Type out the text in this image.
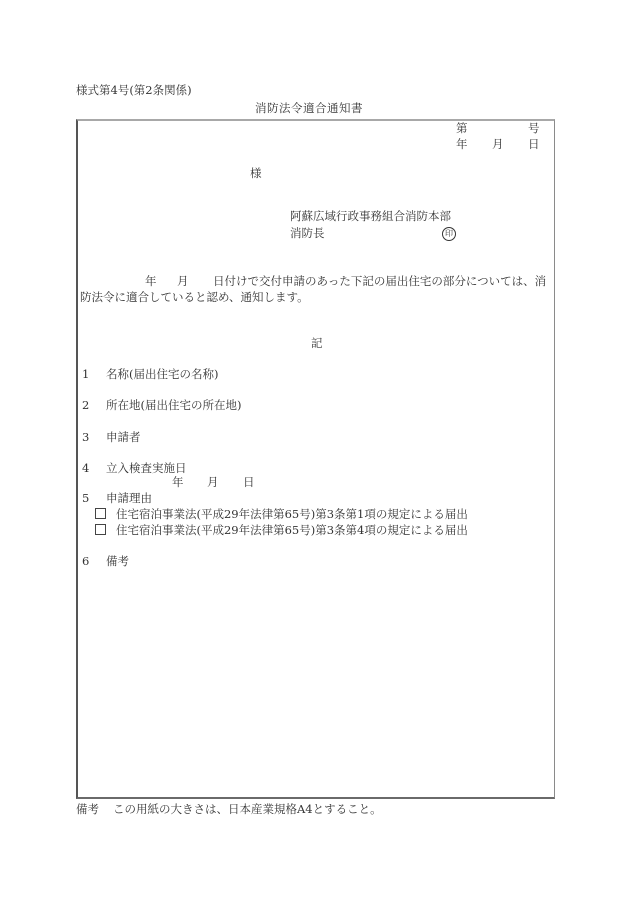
様式第4号(第2条関係)
消防法令適合通知書
第	号
年 月 日
様
阿蘇広域行政事務組合消防本部
消防長	印
年 月 日付けで交付申請のあった下記の届出住宅の部分については、消
防法令に適合していると認め、通知します。
記
1 名称(届出住宅の名称)
2 所在地(届出住宅の所在地)
3 申請者
4 立入検査実施日
年 月 日
5 申請理由
住宅宿泊事業法(平成29年法律第65号)第3条第1項の規定による届出
住宅宿泊事業法(平成29年法律第65号)第3条第4項の規定による届出
6 備考
備考 この用紙の大きさは、日本産業規格A4とすること。
